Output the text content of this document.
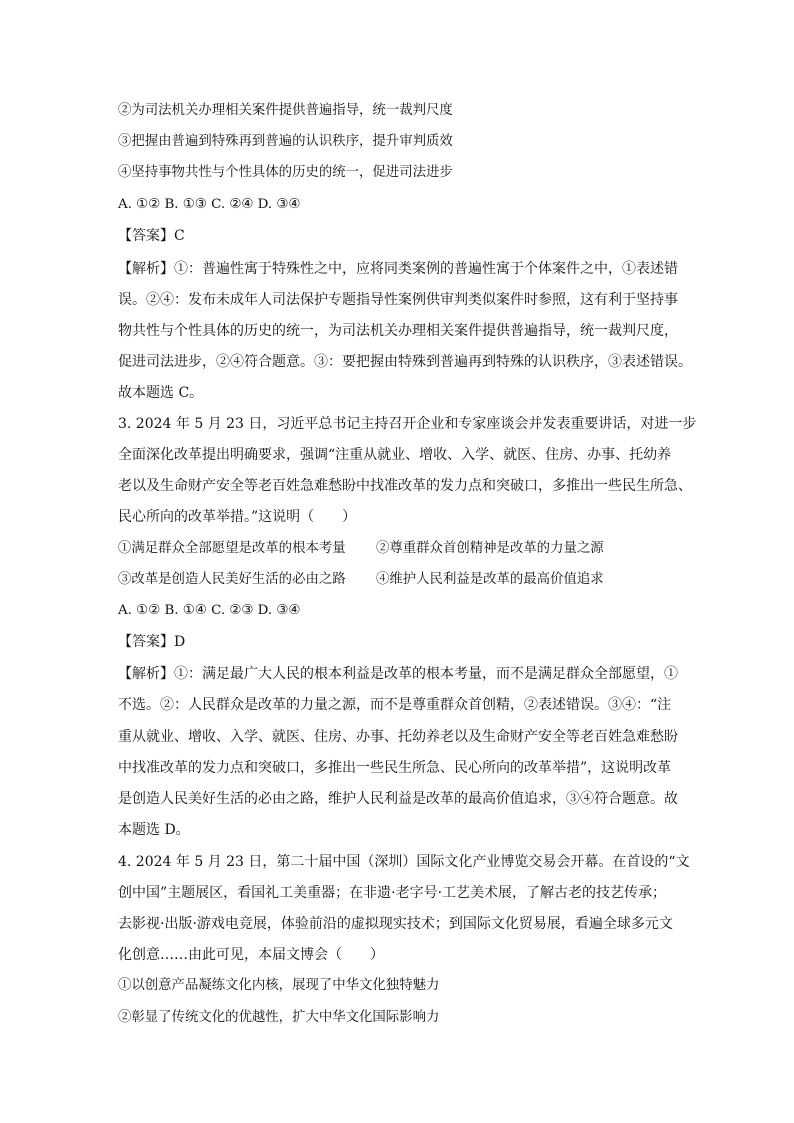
②为司法机关办理相关案件提供普遍指导，统一裁判尺度
③把握由普遍到特殊再到普遍的认识秩序，提升审判质效
④坚持事物共性与个性具体的历史的统一，促进司法进步
A. ①② B. ①③ C. ②④ D. ③④
【答案】C
【解析】①：普遍性寓于特殊性之中，应将同类案例的普遍性寓于个体案件之中，①表述错
误。②④：发布未成年人司法保护专题指导性案例供审判类似案件时参照，这有利于坚持事
物共性与个性具体的历史的统一，为司法机关办理相关案件提供普遍指导，统一裁判尺度，
促进司法进步，②④符合题意。③：要把握由特殊到普遍再到特殊的认识秩序，③表述错误。
故本题选 C。
3. 2024 年 5 月 23 日，习近平总书记主持召开企业和专家座谈会并发表重要讲话，对进一步
全面深化改革提出明确要求，强调“注重从就业、增收、入学、就医、住房、办事、托幼养
老以及生命财产安全等老百姓急难愁盼中找准改革的发力点和突破口，多推出一些民生所急、
民心所向的改革举措。”这说明（　　）
①满足群众全部愿望是改革的根本考量	②尊重群众首创精神是改革的力量之源
③改革是创造人民美好生活的必由之路	④维护人民利益是改革的最高价值追求
A. ①② B. ①④ C. ②③ D. ③④
【答案】D
【解析】①：满足最广大人民的根本利益是改革的根本考量，而不是满足群众全部愿望，①
不选。②：人民群众是改革的力量之源，而不是尊重群众首创精，②表述错误。③④：“注
重从就业、增收、入学、就医、住房、办事、托幼养老以及生命财产安全等老百姓急难愁盼
中找准改革的发力点和突破口，多推出一些民生所急、民心所向的改革举措”，这说明改革
是创造人民美好生活的必由之路，维护人民利益是改革的最高价值追求，③④符合题意。故
本题选 D。
4. 2024 年 5 月 23 日，第二十届中国（深圳）国际文化产业博览交易会开幕。在首设的“文
创中国”主题展区，看国礼工美重器；在非遗·老字号·工艺美术展，了解古老的技艺传承；
去影视·出版·游戏电竞展，体验前沿的虚拟现实技术；到国际文化贸易展，看遍全球多元文
化创意……由此可见，本届文博会（　　）
①以创意产品凝练文化内核，展现了中华文化独特魅力
②彰显了传统文化的优越性，扩大中华文化国际影响力
